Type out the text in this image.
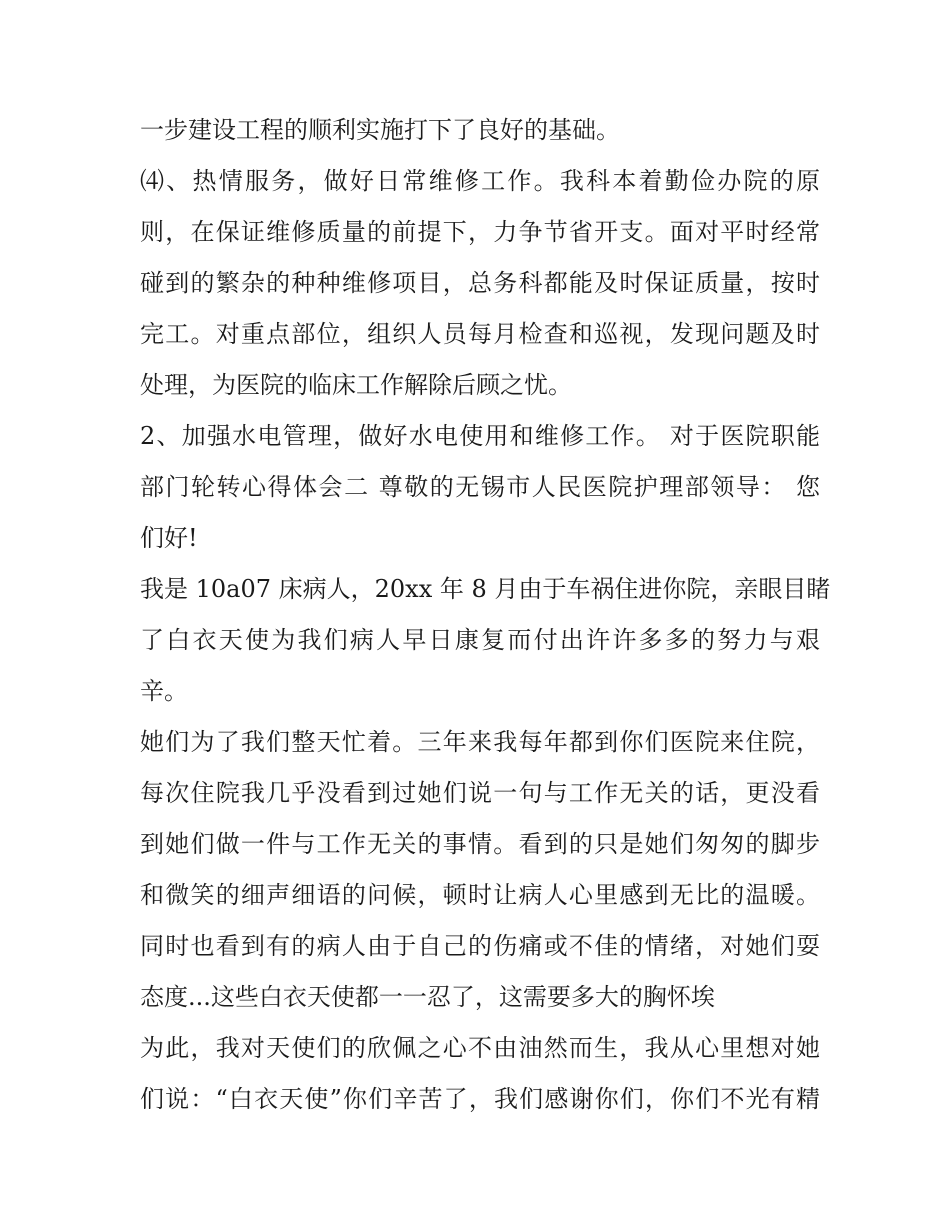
一步建设工程的顺利实施打下了良好的基础。
⑷、热情服务，做好日常维修工作。我科本着勤俭办院的原
则，在保证维修质量的前提下，力争节省开支。面对平时经常
碰到的繁杂的种种维修项目，总务科都能及时保证质量，按时
完工。对重点部位，组织人员每月检查和巡视，发现问题及时
处理，为医院的临床工作解除后顾之忧。
2、加强水电管理，做好水电使用和维修工作。 对于医院职能
部门轮转心得体会二 尊敬的无锡市人民医院护理部领导： 您
们好!
我是 10a07 床病人，20xx 年 8 月由于车祸住进你院，亲眼目睹
了白衣天使为我们病人早日康复而付出许许多多的努力与艰
辛。
她们为了我们整天忙着。三年来我每年都到你们医院来住院，
每次住院我几乎没看到过她们说一句与工作无关的话，更没看
到她们做一件与工作无关的事情。看到的只是她们匆匆的脚步
和微笑的细声细语的问候，顿时让病人心里感到无比的温暖。
同时也看到有的病人由于自己的伤痛或不佳的情绪，对她们耍
态度...这些白衣天使都一一忍了，这需要多大的胸怀埃
为此，我对天使们的欣佩之心不由油然而生，我从心里想对她
们说：“白衣天使”你们辛苦了，我们感谢你们，你们不光有精
